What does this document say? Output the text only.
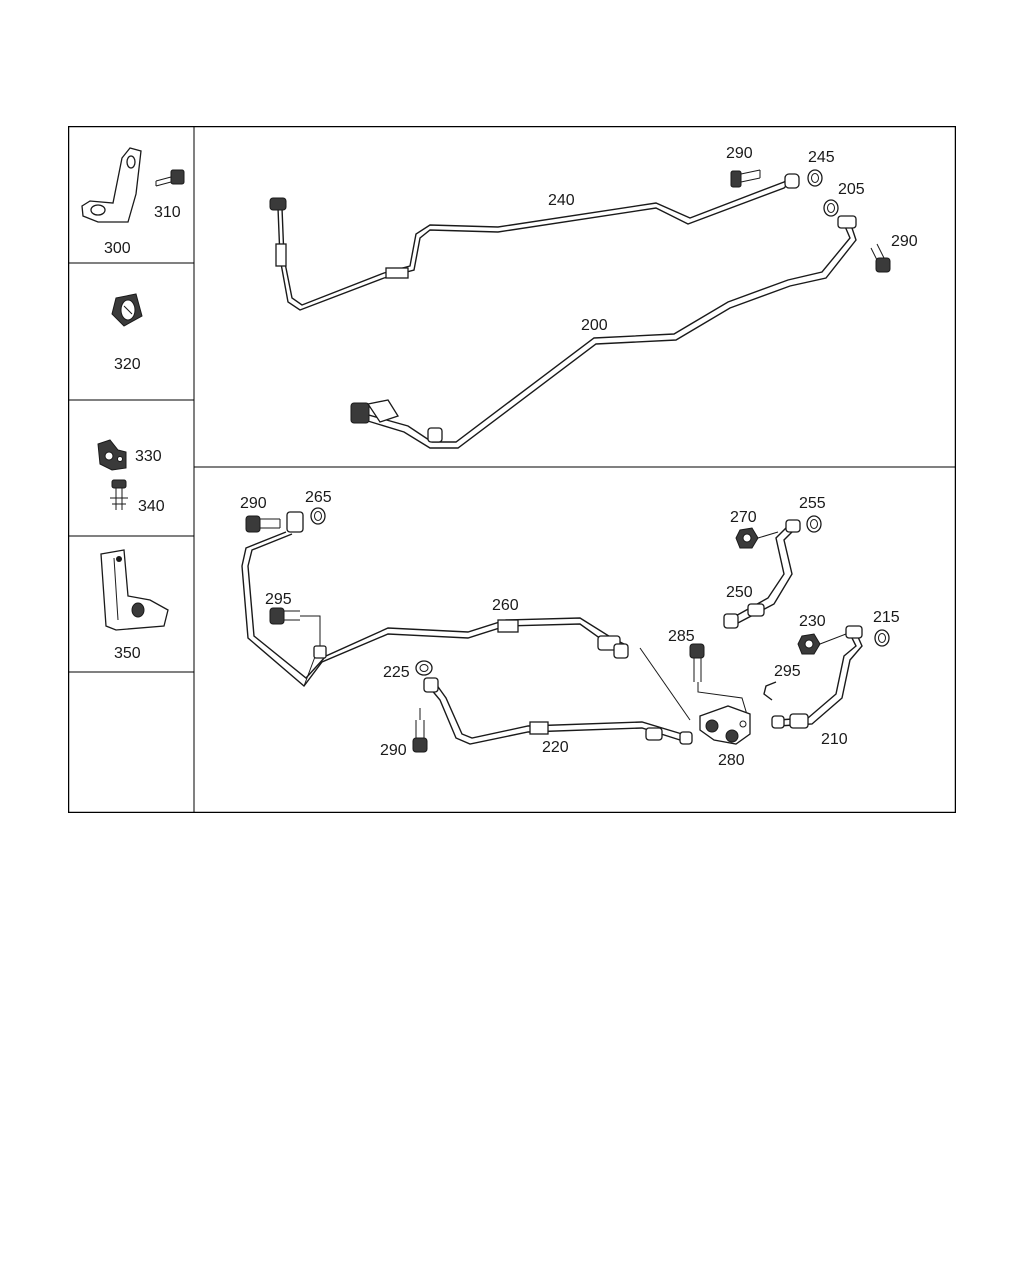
310
300
320
330
340
350
240
290	245
205
290
200
290 265
260
295
270
255
250
285
230	215
295
210
280
225
220
290
